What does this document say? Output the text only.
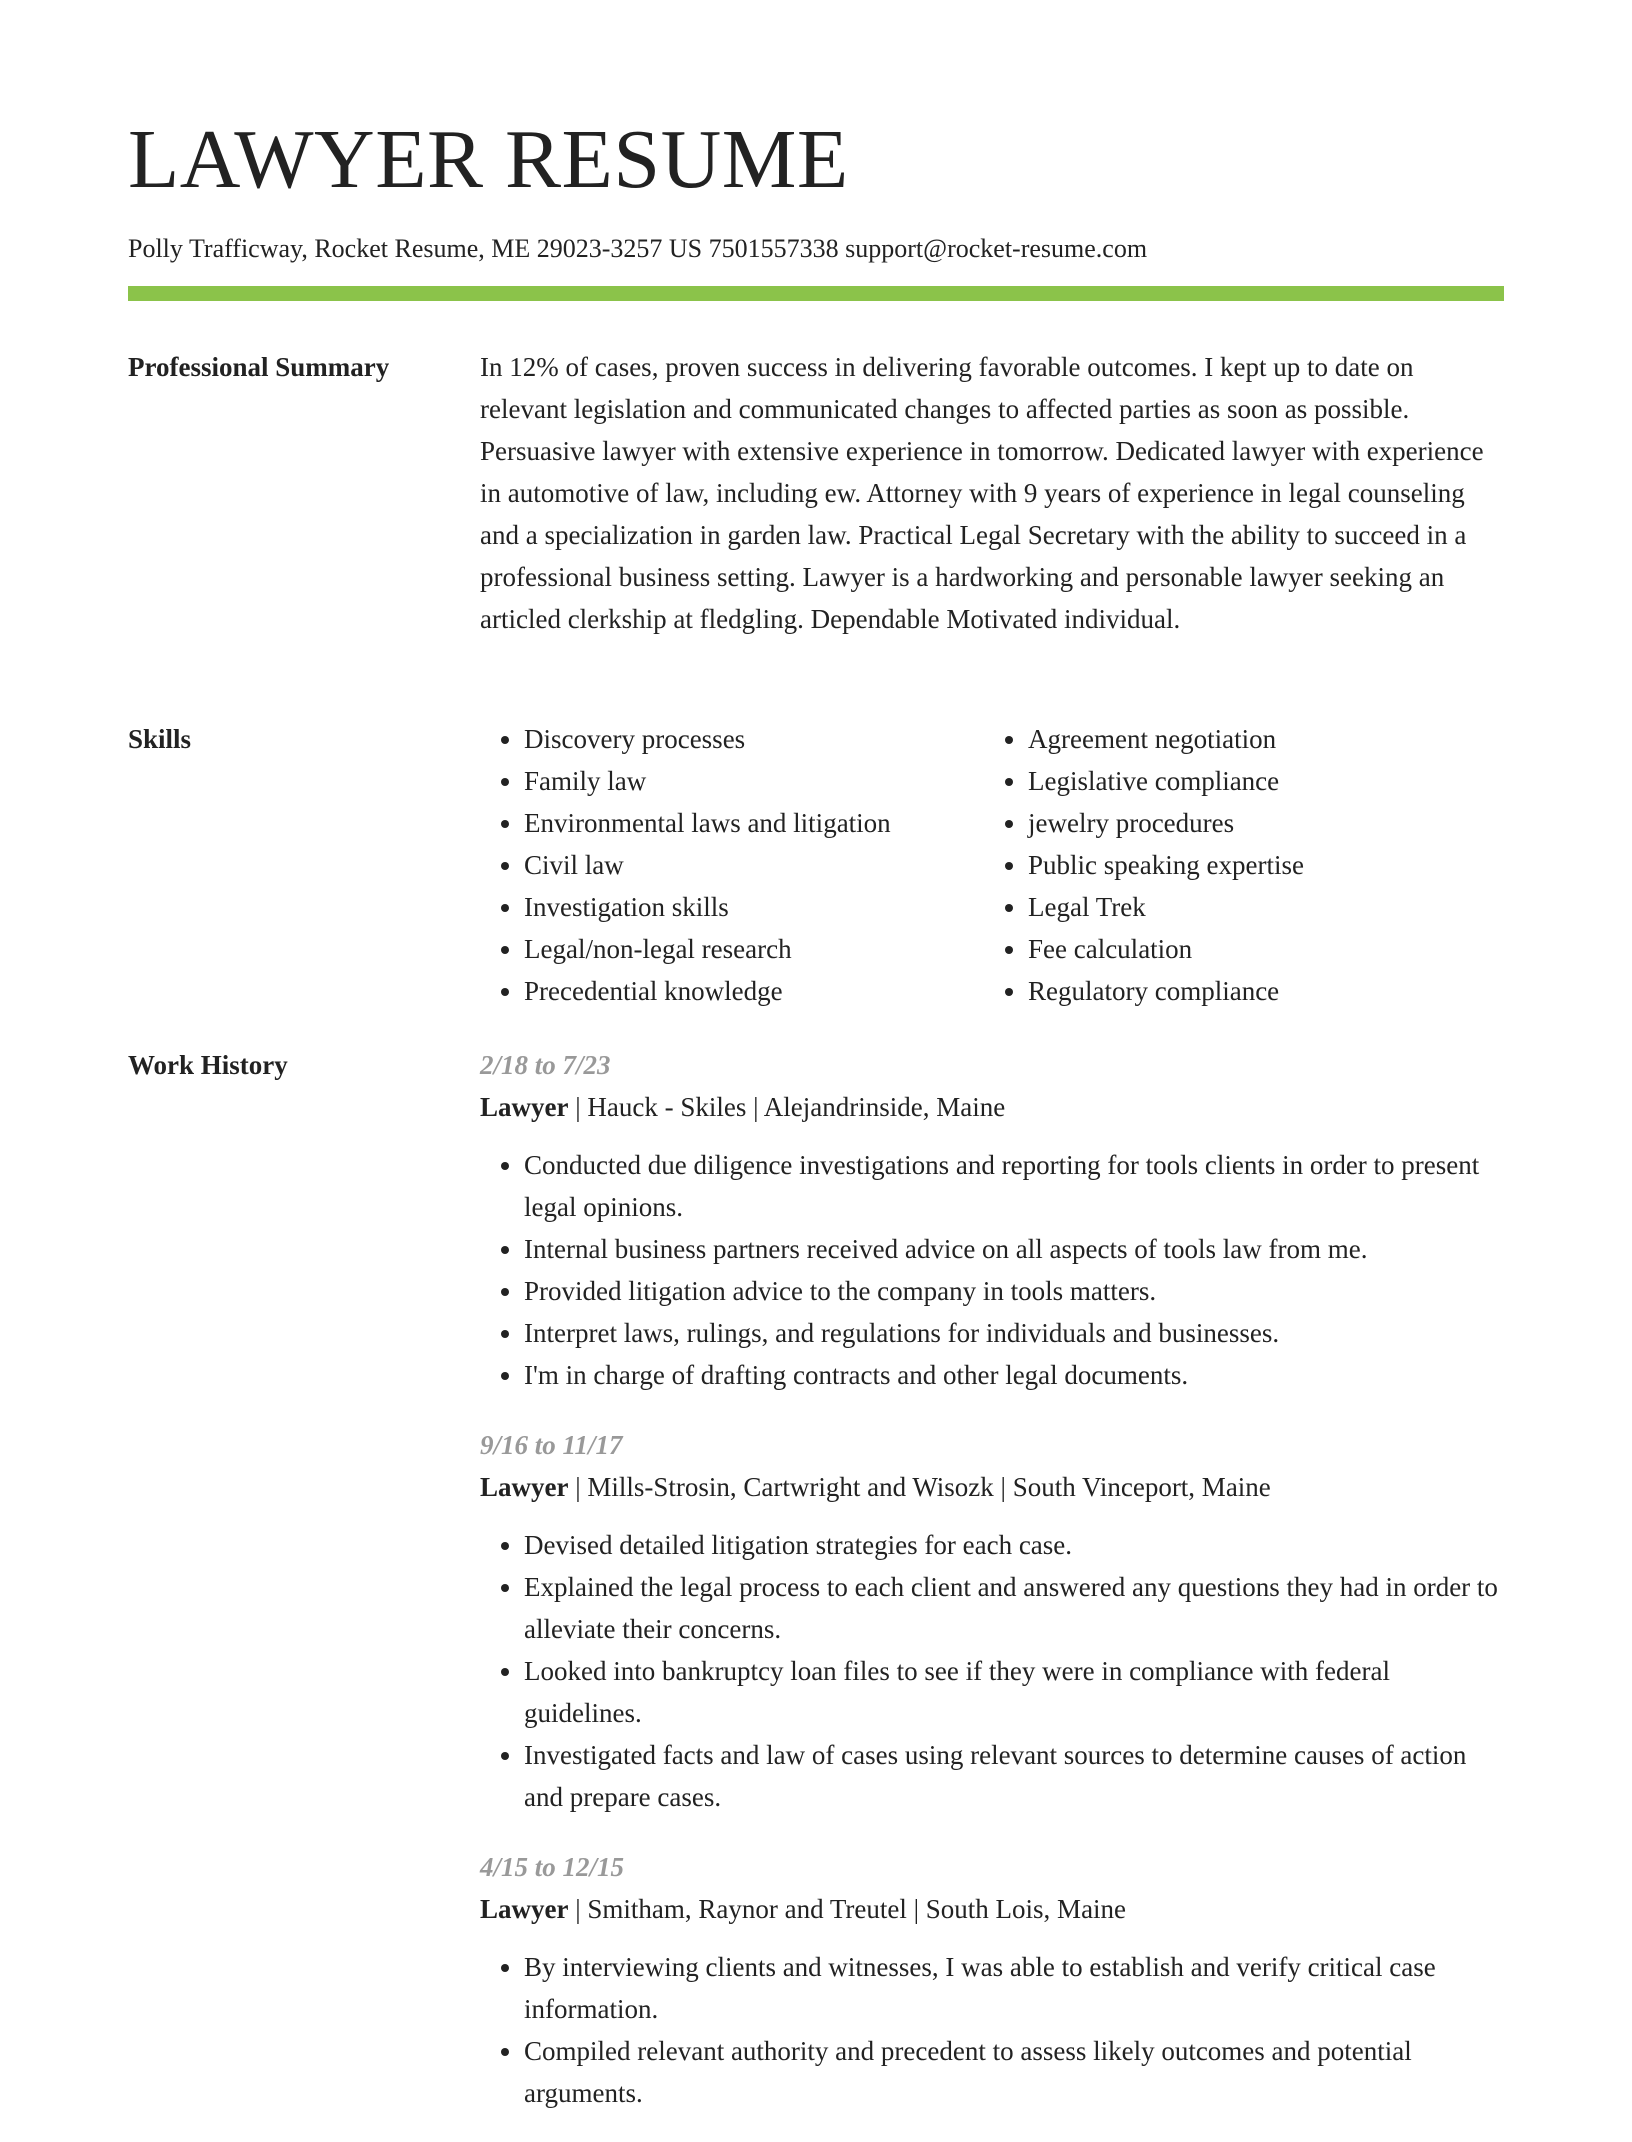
LAWYER RESUME
Polly Trafficway, Rocket Resume, ME 29023-3257 US 7501557338 support@rocket-resume.com
Professional Summary	In 12% of cases, proven success in delivering favorable outcomes. I kept up to date on relevant legislation and communicated changes to affected parties as soon as possible. Persuasive lawyer with extensive experience in tomorrow. Dedicated lawyer with experience in automotive of law, including ew. Attorney with 9 years of experience in legal counseling and a specialization in garden law. Practical Legal Secretary with the ability to succeed in a professional business setting. Lawyer is a hardworking and personable lawyer seeking an articled clerkship at fledgling. Dependable Motivated individual.

Skills
•	Discovery processes
• Family law
• Environmental laws and litigation
• Civil law
• Investigation skills
• Legal/non-legal research
• Precedential knowledge
• Agreement negotiation
• Legislative compliance
• jewelry procedures
• Public speaking expertise
• Legal Trek
• Fee calculation
• Regulatory compliance
Work History	2/18 to 7/23
Lawyer | Hauck - Skiles | Alejandrinside, Maine
• Conducted due diligence investigations and reporting for tools clients in order to present legal opinions.
• Internal business partners received advice on all aspects of tools law from me.
• Provided litigation advice to the company in tools matters.
• Interpret laws, rulings, and regulations for individuals and businesses.
• I'm in charge of drafting contracts and other legal documents.
9/16 to 11/17
Lawyer | Mills-Strosin, Cartwright and Wisozk | South Vinceport, Maine
• Devised detailed litigation strategies for each case.
• Explained the legal process to each client and answered any questions they had in order to alleviate their concerns.
• Looked into bankruptcy loan files to see if they were in compliance with federal guidelines.
• Investigated facts and law of cases using relevant sources to determine causes of action and prepare cases.
4/15 to 12/15
Lawyer | Smitham, Raynor and Treutel | South Lois, Maine
• By interviewing clients and witnesses, I was able to establish and verify critical case information.
• Compiled relevant authority and precedent to assess likely outcomes and potential arguments.
